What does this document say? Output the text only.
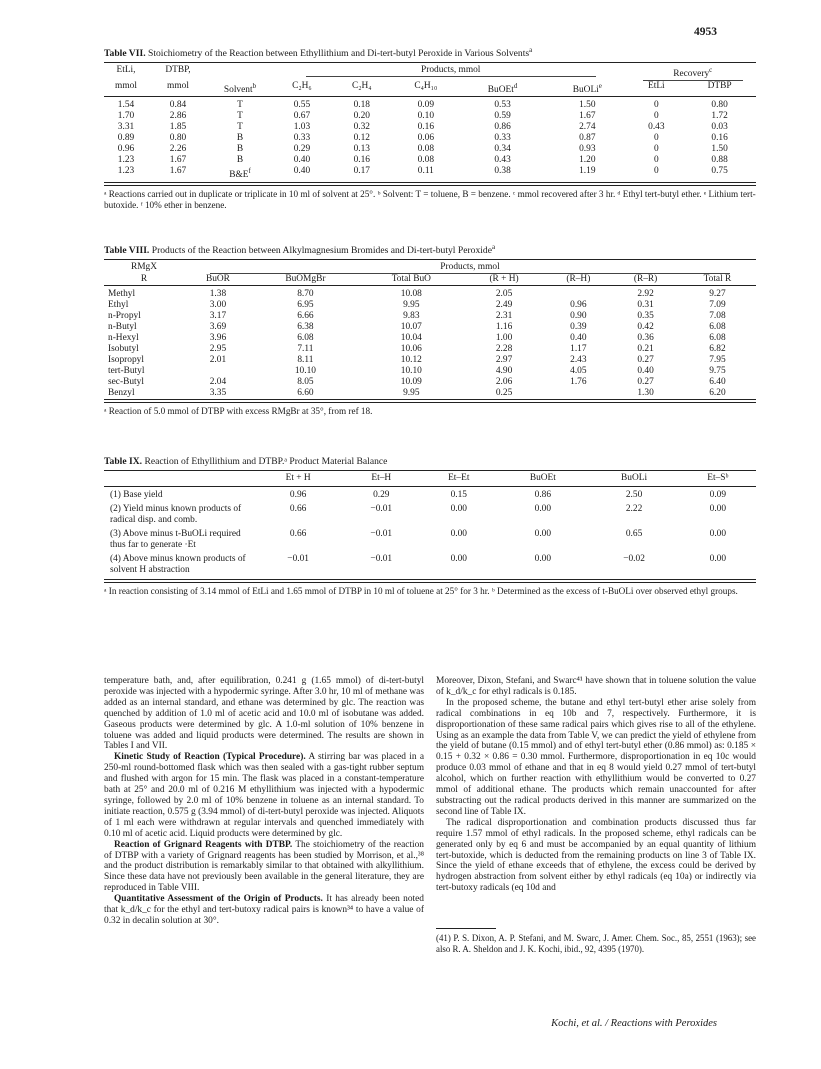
4953
Table VII. Stoichiometry of the Reaction between Ethyllithium and Di-tert-butyl Peroxide in Various Solvents$^a$
EtLi,	DTBP,		Products, mmol					Recovery$^c$
mmol	mmol	Solvent$^b$	C₂H₆	C₂H₄	C₄H₁₀	BuOEt$^d$	BuOLi$^e$	EtLi	DTBP
1.54	0.84	T	0.55	0.18	0.09	0.53	1.50	0	0.80
1.70	2.86	T	0.67	0.20	0.10	0.59	1.67	0	1.72
3.31	1.85	T	1.03	0.32	0.16	0.86	2.74	0.43	0.03
0.89	0.80	B	0.33	0.12	0.06	0.33	0.87	0	0.16
0.96	2.26	B	0.29	0.13	0.08	0.34	0.93	0	1.50
1.23	1.67	B	0.40	0.16	0.08	0.43	1.20	0	0.88
1.23	1.67	$B\&E^f$	0.40	0.17	0.11	0.38	1.19	0	0.75
ᵃ Reactions carried out in duplicate or triplicate in 10 ml of solvent at 25°. ᵇ Solvent: T = toluene, B = benzene. ᶜ mmol recovered after 3 hr. ᵈ Ethyl tert-butyl ether. ᵉ Lithium tert-butoxide. ᶠ 10% ether in benzene.
Table VIII. Products of the Reaction between Alkylmagnesium Bromides and Di-tert-butyl Peroxide$^a$
RMgX	Products, mmol						
R	BuOR	BuOMgBr	Total BuO	(R + H)	(R–H)	(R–R)	Total R
Methyl	1.38	8.70	10.08	2.05		2.92	9.27
Ethyl	3.00	6.95	9.95	2.49	0.96	0.31	7.09
n-Propyl	3.17	6.66	9.83	2.31	0.90	0.35	7.08
n-Butyl	3.69	6.38	10.07	1.16	0.39	0.42	6.08
n-Hexyl	3.96	6.08	10.04	1.00	0.40	0.36	6.08
Isobutyl	2.95	7.11	10.06	2.28	1.17	0.21	6.82
Isopropyl	2.01	8.11	10.12	2.97	2.43	0.27	7.95
tert-Butyl		10.10	10.10	4.90	4.05	0.40	9.75
sec-Butyl	2.04	8.05	10.09	2.06	1.76	0.27	6.40
Benzyl	3.35	6.60	9.95	0.25		1.30	6.20
ᵃ Reaction of 5.0 mmol of DTBP with excess RMgBr at 35°, from ref 18.
Table IX. Reaction of Ethyllithium and DTBP.ᵃ Product Material Balance
	Et + H	Et–H	Et–Et	BuOEt	BuOLi	Et–Sᵇ
(1) Base yield	0.96	0.29	0.15	0.86	2.50	0.09
(2) Yield minus known products of radical disp. and comb.	0.66	−0.01	0.00	0.00	2.22	0.00
(3) Above minus t-BuOLi required thus far to generate ·Et	0.66	−0.01	0.00	0.00	0.65	0.00
(4) Above minus known products of solvent H abstraction	−0.01	−0.01	0.00	0.00	−0.02	0.00
ᵃ In reaction consisting of 3.14 mmol of EtLi and 1.65 mmol of DTBP in 10 ml of toluene at 25° for 3 hr. ᵇ Determined as the excess of t-BuOLi over observed ethyl groups.

temperature bath, and, after equilibration, 0.241 g (1.65 mmol) of di-tert-butyl peroxide was injected with a hypodermic syringe. After 3.0 hr, 10 ml of methane was added as an internal standard, and ethane was determined by glc. The reaction was quenched by addition of 1.0 ml of acetic acid and 10.0 ml of isobutane was added. Gaseous products were determined by glc. A 1.0-ml solution of 10% benzene in toluene was added and liquid products were determined. The results are shown in Tables I and VII.

Kinetic Study of Reaction (Typical Procedure). A stirring bar was placed in a 250-ml round-bottomed flask which was then sealed with a gas-tight rubber septum and flushed with argon for 15 min. The flask was placed in a constant-temperature bath at 25° and 20.0 ml of 0.216 M ethyllithium was injected with a hypodermic syringe, followed by 2.0 ml of 10% benzene in toluene as an internal standard. To initiate reaction, 0.575 g (3.94 mmol) of di-tert-butyl peroxide was injected. Aliquots of 1 ml each were withdrawn at regular intervals and quenched immediately with 0.10 ml of acetic acid. Liquid products were determined by glc.

Reaction of Grignard Reagents with DTBP. The stoichiometry of the reaction of DTBP with a variety of Grignard reagents has been studied by Morrison, et al.,³⁸ and the product distribution is remarkably similar to that obtained with alkyllithium. Since these data have not previously been available in the general literature, they are reproduced in Table VIII.

Quantitative Assessment of the Origin of Products. It has already been noted that k_d/k_c for the ethyl and tert-butoxy radical pairs is known³⁴ to have a value of 0.32 in decalin solution at 30°.

Moreover, Dixon, Stefani, and Swarc⁴¹ have shown that in toluene solution the value of k_d/k_c for ethyl radicals is 0.185.

In the proposed scheme, the butane and ethyl tert-butyl ether arise solely from radical combinations in eq 10b and 7, respectively. Furthermore, it is disproportionation of these same radical pairs which gives rise to all of the ethylene. Using as an example the data from Table V, we can predict the yield of ethylene from the yield of butane (0.15 mmol) and of ethyl tert-butyl ether (0.86 mmol) as: 0.185 × 0.15 + 0.32 × 0.86 = 0.30 mmol. Furthermore, disproportionation in eq 10c would produce 0.03 mmol of ethane and that in eq 8 would yield 0.27 mmol of tert-butyl alcohol, which on further reaction with ethyllithium would be converted to 0.27 mmol of additional ethane. The products which remain unaccounted for after substracting out the radical products derived in this manner are summarized on the second line of Table IX.

The radical disproportionation and combination products discussed thus far require 1.57 mmol of ethyl radicals. In the proposed scheme, ethyl radicals can be generated only by eq 6 and must be accompanied by an equal quantity of lithium tert-butoxide, which is deducted from the remaining products on line 3 of Table IX. Since the yield of ethane exceeds that of ethylene, the excess could be derived by hydrogen abstraction from solvent either by ethyl radicals (eq 10a) or indirectly via tert-butoxy radicals (eq 10d and

(41) P. S. Dixon, A. P. Stefani, and M. Swarc, J. Amer. Chem. Soc., 85, 2551 (1963); see also R. A. Sheldon and J. K. Kochi, ibid., 92, 4395 (1970).
Kochi, et al. / Reactions with Peroxides
